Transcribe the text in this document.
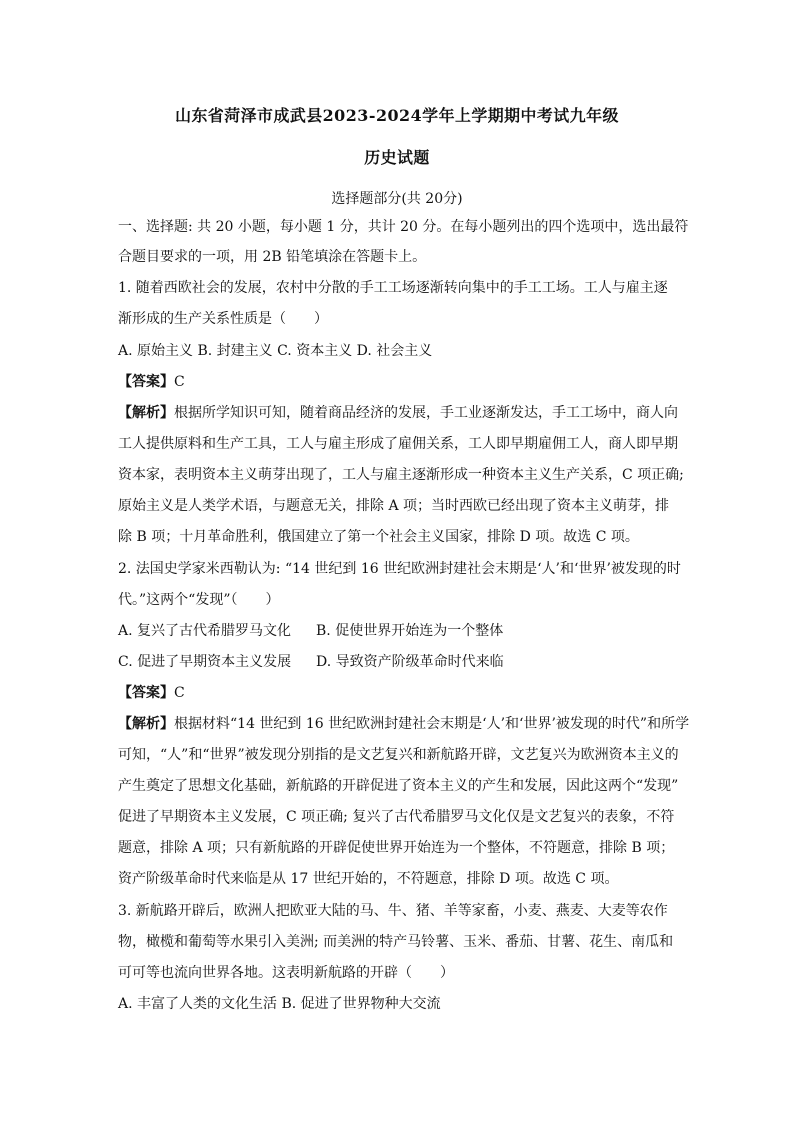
山东省菏泽市成武县2023-2024学年上学期期中考试九年级
历史试题
选择题部分(共 20分)
一、选择题: 共 20 小题，每小题 1 分，共计 20 分。在每小题列出的四个选项中，选出最符
合题目要求的一项，用 2B 铅笔填涂在答题卡上。
1. 随着西欧社会的发展，农村中分散的手工工场逐渐转向集中的手工工场。工人与雇主逐
渐形成的生产关系性质是（　　）
A. 原始主义 B. 封建主义 C. 资本主义 D. 社会主义
【答案】C
【解析】根据所学知识可知，随着商品经济的发展，手工业逐渐发达，手工工场中，商人向
工人提供原料和生产工具，工人与雇主形成了雇佣关系，工人即早期雇佣工人，商人即早期
资本家，表明资本主义萌芽出现了，工人与雇主逐渐形成一种资本主义生产关系，C 项正确;
原始主义是人类学术语，与题意无关，排除 A 项；当时西欧已经出现了资本主义萌芽，排
除 B 项；十月革命胜利，俄国建立了第一个社会主义国家，排除 D 项。故选 C 项。
2. 法国史学家米西勒认为: “14 世纪到 16 世纪欧洲封建社会末期是‘人’和‘世界’被发现的时
代。”这两个“发现”（　　）
A. 复兴了古代希腊罗马文化 B. 促使世界开始连为一个整体
C. 促进了早期资本主义发展 D. 导致资产阶级革命时代来临
【答案】C
【解析】根据材料“14 世纪到 16 世纪欧洲封建社会末期是‘人’和‘世界’被发现的时代”和所学
可知，“人”和“世界”被发现分别指的是文艺复兴和新航路开辟，文艺复兴为欧洲资本主义的
产生奠定了思想文化基础，新航路的开辟促进了资本主义的产生和发展，因此这两个“发现”
促进了早期资本主义发展，C 项正确; 复兴了古代希腊罗马文化仅是文艺复兴的表象，不符
题意，排除 A 项；只有新航路的开辟促使世界开始连为一个整体，不符题意，排除 B 项；
资产阶级革命时代来临是从 17 世纪开始的，不符题意，排除 D 项。故选 C 项。
3. 新航路开辟后，欧洲人把欧亚大陆的马、牛、猪、羊等家畜，小麦、燕麦、大麦等农作
物，橄榄和葡萄等水果引入美洲; 而美洲的特产马铃薯、玉米、番茄、甘薯、花生、南瓜和
可可等也流向世界各地。这表明新航路的开辟（　　）
A. 丰富了人类的文化生活 B. 促进了世界物种大交流
